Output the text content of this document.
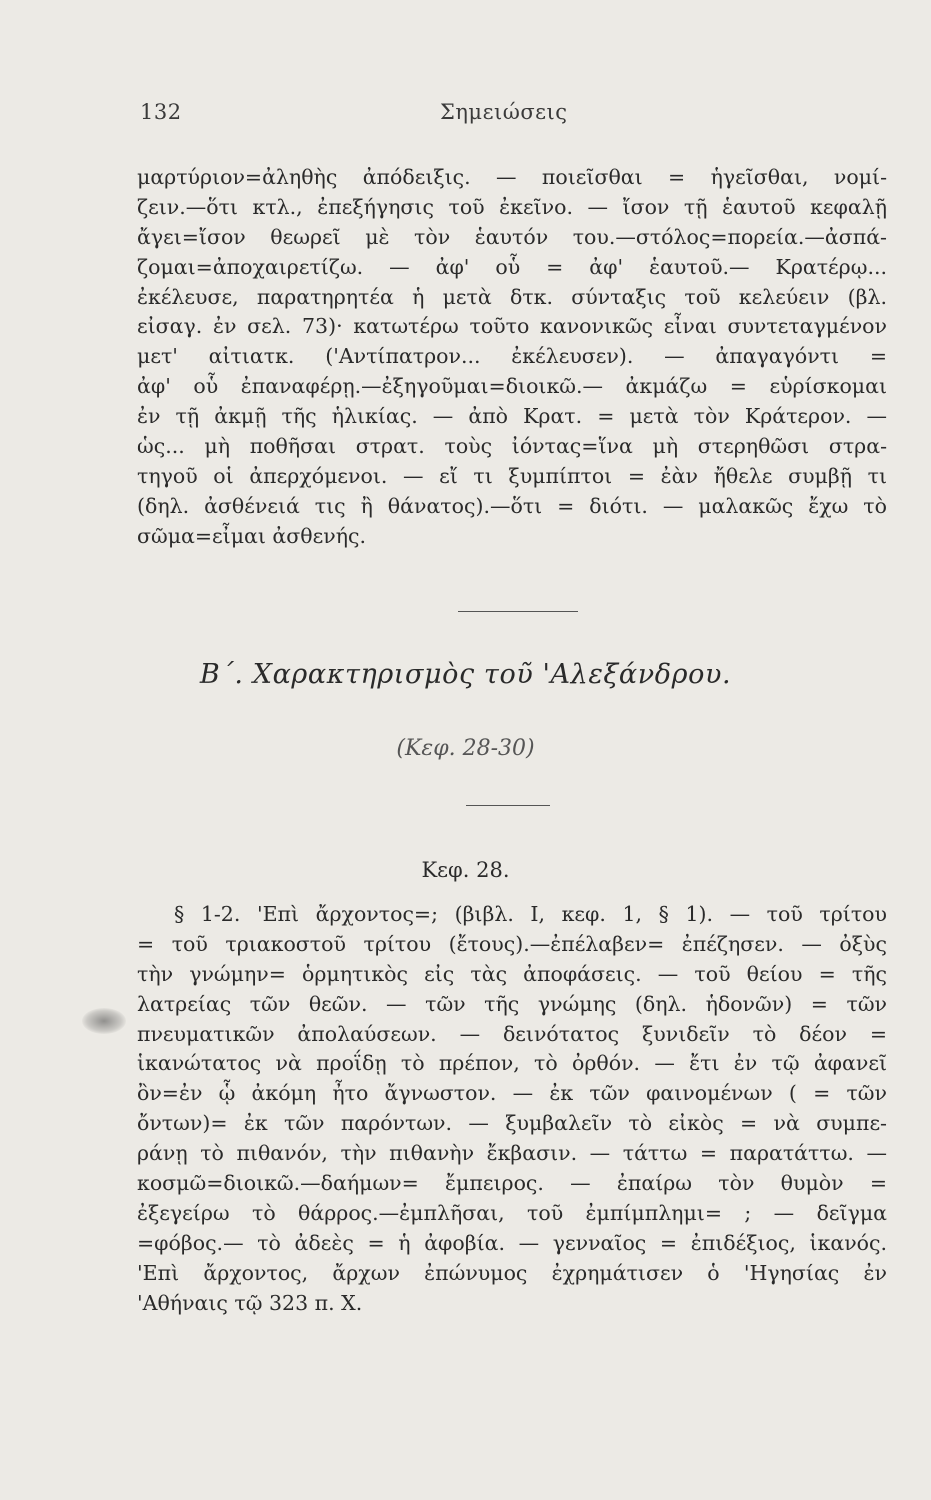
132	Σημειώσεις
μαρτύριον=ἀληθὴς ἀπόδειξις. — ποιεῖσθαι = ἡγεῖσθαι, νομί-
ζειν.—ὅτι κτλ., ἐπεξήγησις τοῦ ἐκεῖνο. — ἴσον τῇ ἑαυτοῦ κεφαλῇ
ἄγει=ἴσον θεωρεῖ μὲ τὸν ἑαυτόν του.—στόλος=πορεία.—ἀσπά-
ζομαι=ἀποχαιρετίζω. — ἀφ' οὗ = ἀφ' ἑαυτοῦ.— Κρατέρῳ...
ἐκέλευσε, παρατηρητέα ἡ μετὰ δτκ. σύνταξις τοῦ κελεύειν (βλ.
εἰσαγ. ἐν σελ. 73)· κατωτέρω τοῦτο κανονικῶς εἶναι συντεταγμένον
μετ' αἰτιατκ. ('Αντίπατρον... ἐκέλευσεν). — ἀπαγαγόντι =
ἀφ' οὗ ἐπαναφέρῃ.—ἐξηγοῦμαι=διοικῶ.— ἀκμάζω = εὑρίσκομαι
ἐν τῇ ἀκμῇ τῆς ἡλικίας. — ἀπὸ Κρατ. = μετὰ τὸν Κράτερον. —
ὡς... μὴ ποθῆσαι στρατ. τοὺς ἰόντας=ἵνα μὴ στερηθῶσι στρα-
τηγοῦ οἱ ἀπερχόμενοι. — εἴ τι ξυμπίπτοι = ἐὰν ἤθελε συμβῇ τι
(δηλ. ἀσθένειά τις ἢ θάνατος).—ὅτι = διότι. — μαλακῶς ἔχω τὸ
σῶμα=εἶμαι ἀσθενής.
Β΄. Χαρακτηρισμὸς τοῦ 'Αλεξάνδρου.
(Κεφ. 28-30)
Κεφ. 28.
§ 1-2. 'Επὶ ἄρχοντος=; (βιβλ. Ι, κεφ. 1, § 1). — τοῦ τρίτου
= τοῦ τριακοστοῦ τρίτου (ἔτους).—ἐπέλαβεν= ἐπέζησεν. — ὀξὺς
τὴν γνώμην= ὁρμητικὸς εἰς τὰς ἀποφάσεις. — τοῦ θείου = τῆς
λατρείας τῶν θεῶν. — τῶν τῆς γνώμης (δηλ. ἡδονῶν) = τῶν
πνευματικῶν ἀπολαύσεων. — δεινότατος ξυνιδεῖν τὸ δέον =
ἱκανώτατος νὰ προΐδῃ τὸ πρέπον, τὸ ὀρθόν. — ἔτι ἐν τῷ ἀφανεῖ
ὂν=ἐν ᾧ ἀκόμη ἦτο ἄγνωστον. — ἐκ τῶν φαινομένων ( = τῶν
ὄντων)= ἐκ τῶν παρόντων. — ξυμβαλεῖν τὸ εἰκὸς = νὰ συμπε-
ράνῃ τὸ πιθανόν, τὴν πιθανὴν ἔκβασιν. — τάττω = παρατάττω. —
κοσμῶ=διοικῶ.—δαήμων= ἔμπειρος. — ἐπαίρω τὸν θυμὸν =
ἐξεγείρω τὸ θάρρος.—ἐμπλῆσαι, τοῦ ἐμπίμπλημι= ; — δεῖγμα
=φόβος.— τὸ ἀδεὲς = ἡ ἀφοβία. — γενναῖος = ἐπιδέξιος, ἱκανός.
'Επὶ ἄρχοντος, ἄρχων ἐπώνυμος ἐχρημάτισεν ὁ 'Ηγησίας ἐν
'Αθήναις τῷ 323 π. Χ.
